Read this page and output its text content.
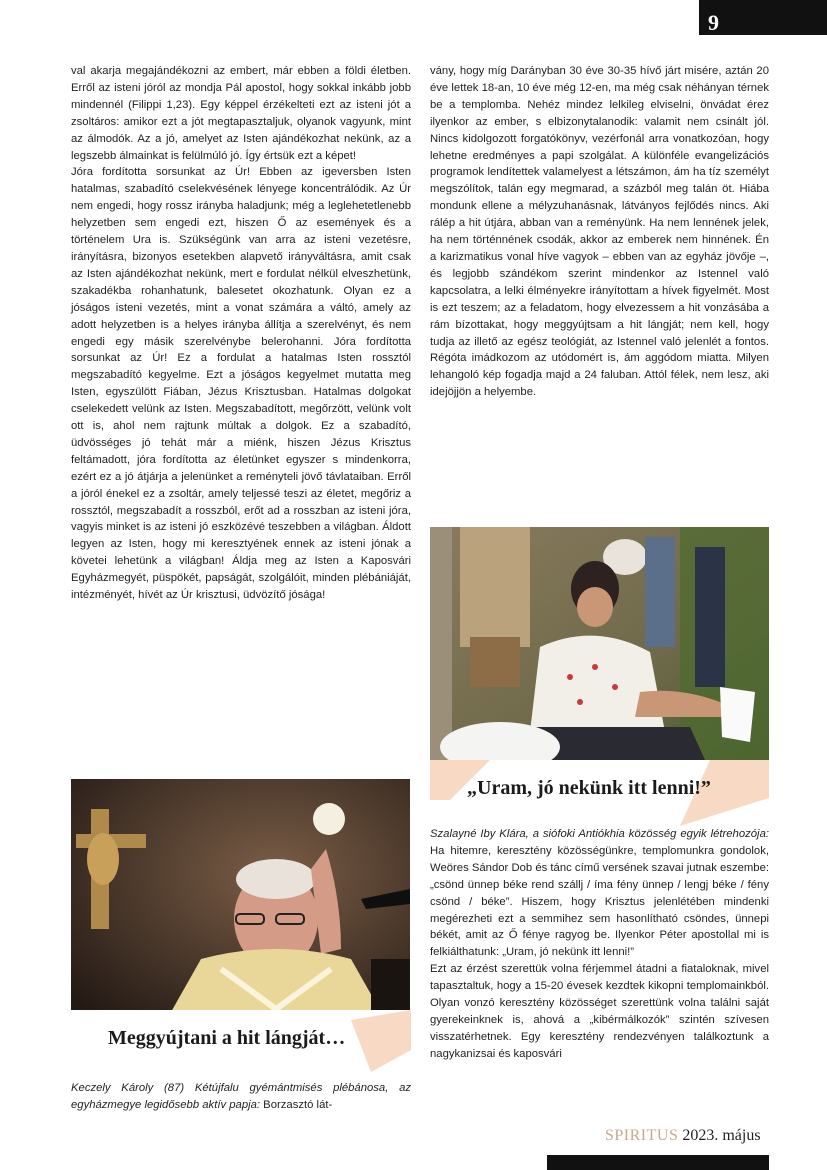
9

val akarja megajándékozni az embert, már ebben a földi életben. Erről az isteni jóról az mondja Pál apostol, hogy sokkal inkább jobb mindennél (Filippi 1,23). Egy képpel érzékelteti ezt az isteni jót a zsoltáros: amikor ezt a jót megtapasztaljuk, olyanok vagyunk, mint az álmodók. Az a jó, amelyet az Isten ajándékozhat nekünk, az a legszebb álmainkat is felülmúló jó. Így értsük ezt a képet!

Jóra fordította sorsunkat az Úr! Ebben az igeversben Isten hatalmas, szabadító cselekvésének lényege koncentrálódik. Az Úr nem engedi, hogy rossz irányba haladjunk; még a leglehetetlenebb helyzetben sem engedi ezt, hiszen Ő az események és a történelem Ura is. Szükségünk van arra az isteni vezetésre, irányításra, bizonyos esetekben alapvető irányváltásra, amit csak az Isten ajándékozhat nekünk, mert e fordulat nélkül elveszhetünk, szakadékba rohanhatunk, balesetet okozhatunk. Olyan ez a jóságos isteni vezetés, mint a vonat számára a váltó, amely az adott helyzetben is a helyes irányba állítja a szerelvényt, és nem engedi egy másik szerelvénybe belerohanni. Jóra fordította sorsunkat az Úr! Ez a fordulat a hatalmas Isten rossztól megszabadító kegyelme. Ezt a jóságos kegyelmet mutatta meg Isten, egyszülött Fiában, Jézus Krisztusban. Hatalmas dolgokat cselekedett velünk az Isten. Megszabadított, megőrzött, velünk volt ott is, ahol nem rajtunk múltak a dolgok. Ez a szabadító, üdvösséges jó tehát már a miénk, hiszen Jézus Krisztus feltámadott, jóra fordította az életünket egyszer s mindenkorra, ezért ez a jó átjárja a jelenünket a reményteli jövő távlataiban. Erről a jóról énekel ez a zsoltár, amely teljessé teszi az életet, megőriz a rossztól, megszabadít a rosszból, erőt ad a rosszban az isteni jóra, vagyis minket is az isteni jó eszközévé teszebben a világban. Áldott legyen az Isten, hogy mi keresztyének ennek az isteni jónak a követei lehetünk a világban! Áldja meg az Isten a Kaposvári Egyházmegyét, püspökét, papságát, szolgálóit, minden plébániáját, intézményét, hívét az Úr krisztusi, üdvözítő jósága!

vány, hogy míg Darányban 30 éve 30-35 hívő járt misére, aztán 20 éve lettek 18-an, 10 éve még 12-en, ma még csak néhányan térnek be a templomba. Nehéz mindez lelkileg elviselni, önvádat érez ilyenkor az ember, s elbizonytalanodik: valamit nem csinált jól. Nincs kidolgozott forgatókönyv, vezérfonál arra vonatkozóan, hogy lehetne eredményes a papi szolgálat. A különféle evangelizációs programok lendítettek valamelyest a létszámon, ám ha tíz személyt megszólítok, talán egy megmarad, a százból meg talán öt. Hiába mondunk ellene a mélyzuhanásnak, látványos fejlődés nincs. Aki rálép a hit útjára, abban van a reményünk. Ha nem lennének jelek, ha nem történnének csodák, akkor az emberek nem hinnének. Én a karizmatikus vonal híve vagyok – ebben van az egyház jövője –, és legjobb szándékom szerint mindenkor az Istennel való kapcsolatra, a lelki élményekre irányítottam a hívek figyelmét. Most is ezt teszem; az a feladatom, hogy elvezessem a hit vonzásába a rám bízottakat, hogy meggyújtsam a hit lángját; nem kell, hogy tudja az illető az egész teológiát, az Istennel való jelenlét a fontos. Régóta imádkozom az utódomért is, ám aggódom miatta. Milyen lehangoló kép fogadja majd a 24 faluban. Attól félek, nem lesz, aki idejöjjön a helyembe.

„Uram, jó nekünk itt lenni!”
Meggyújtani a hit lángját…

Szalayné Iby Klára, a siófoki Antiókhia közösség egyik létrehozója: Ha hitemre, keresztény közösségünkre, templomunkra gondolok, Weöres Sándor Dob és tánc című versének szavai jutnak eszembe: „csönd ünnep béke rend szállj / íma fény ünnep / lengj béke / fény csönd / béke”. Hiszem, hogy Krisztus jelenlétében mindenki megérezheti ezt a semmihez sem hasonlítható csöndes, ünnepi békét, amit az Ő fénye ragyog be. Ilyenkor Péter apostollal mi is felkiálthatunk: „Uram, jó nekünk itt lenni!”

Ezt az érzést szerettük volna férjemmel átadni a fiataloknak, mivel tapasztaltuk, hogy a 15-20 évesek kezdtek kikopni templomainkból. Olyan vonzó keresztény közösséget szerettünk volna találni saját gyerekeinknek is, ahová a „kibérmálkozók” szintén szívesen visszatérhetnek. Egy keresztény rendezvényen találkoztunk a nagykanizsai és kaposvári

Keczely Károly (87) Kétújfalu gyémántmisés plébánosa, az egyházmegye legidősebb aktív papja: Borzasztó lát-

SPIRITUS 2023. május
